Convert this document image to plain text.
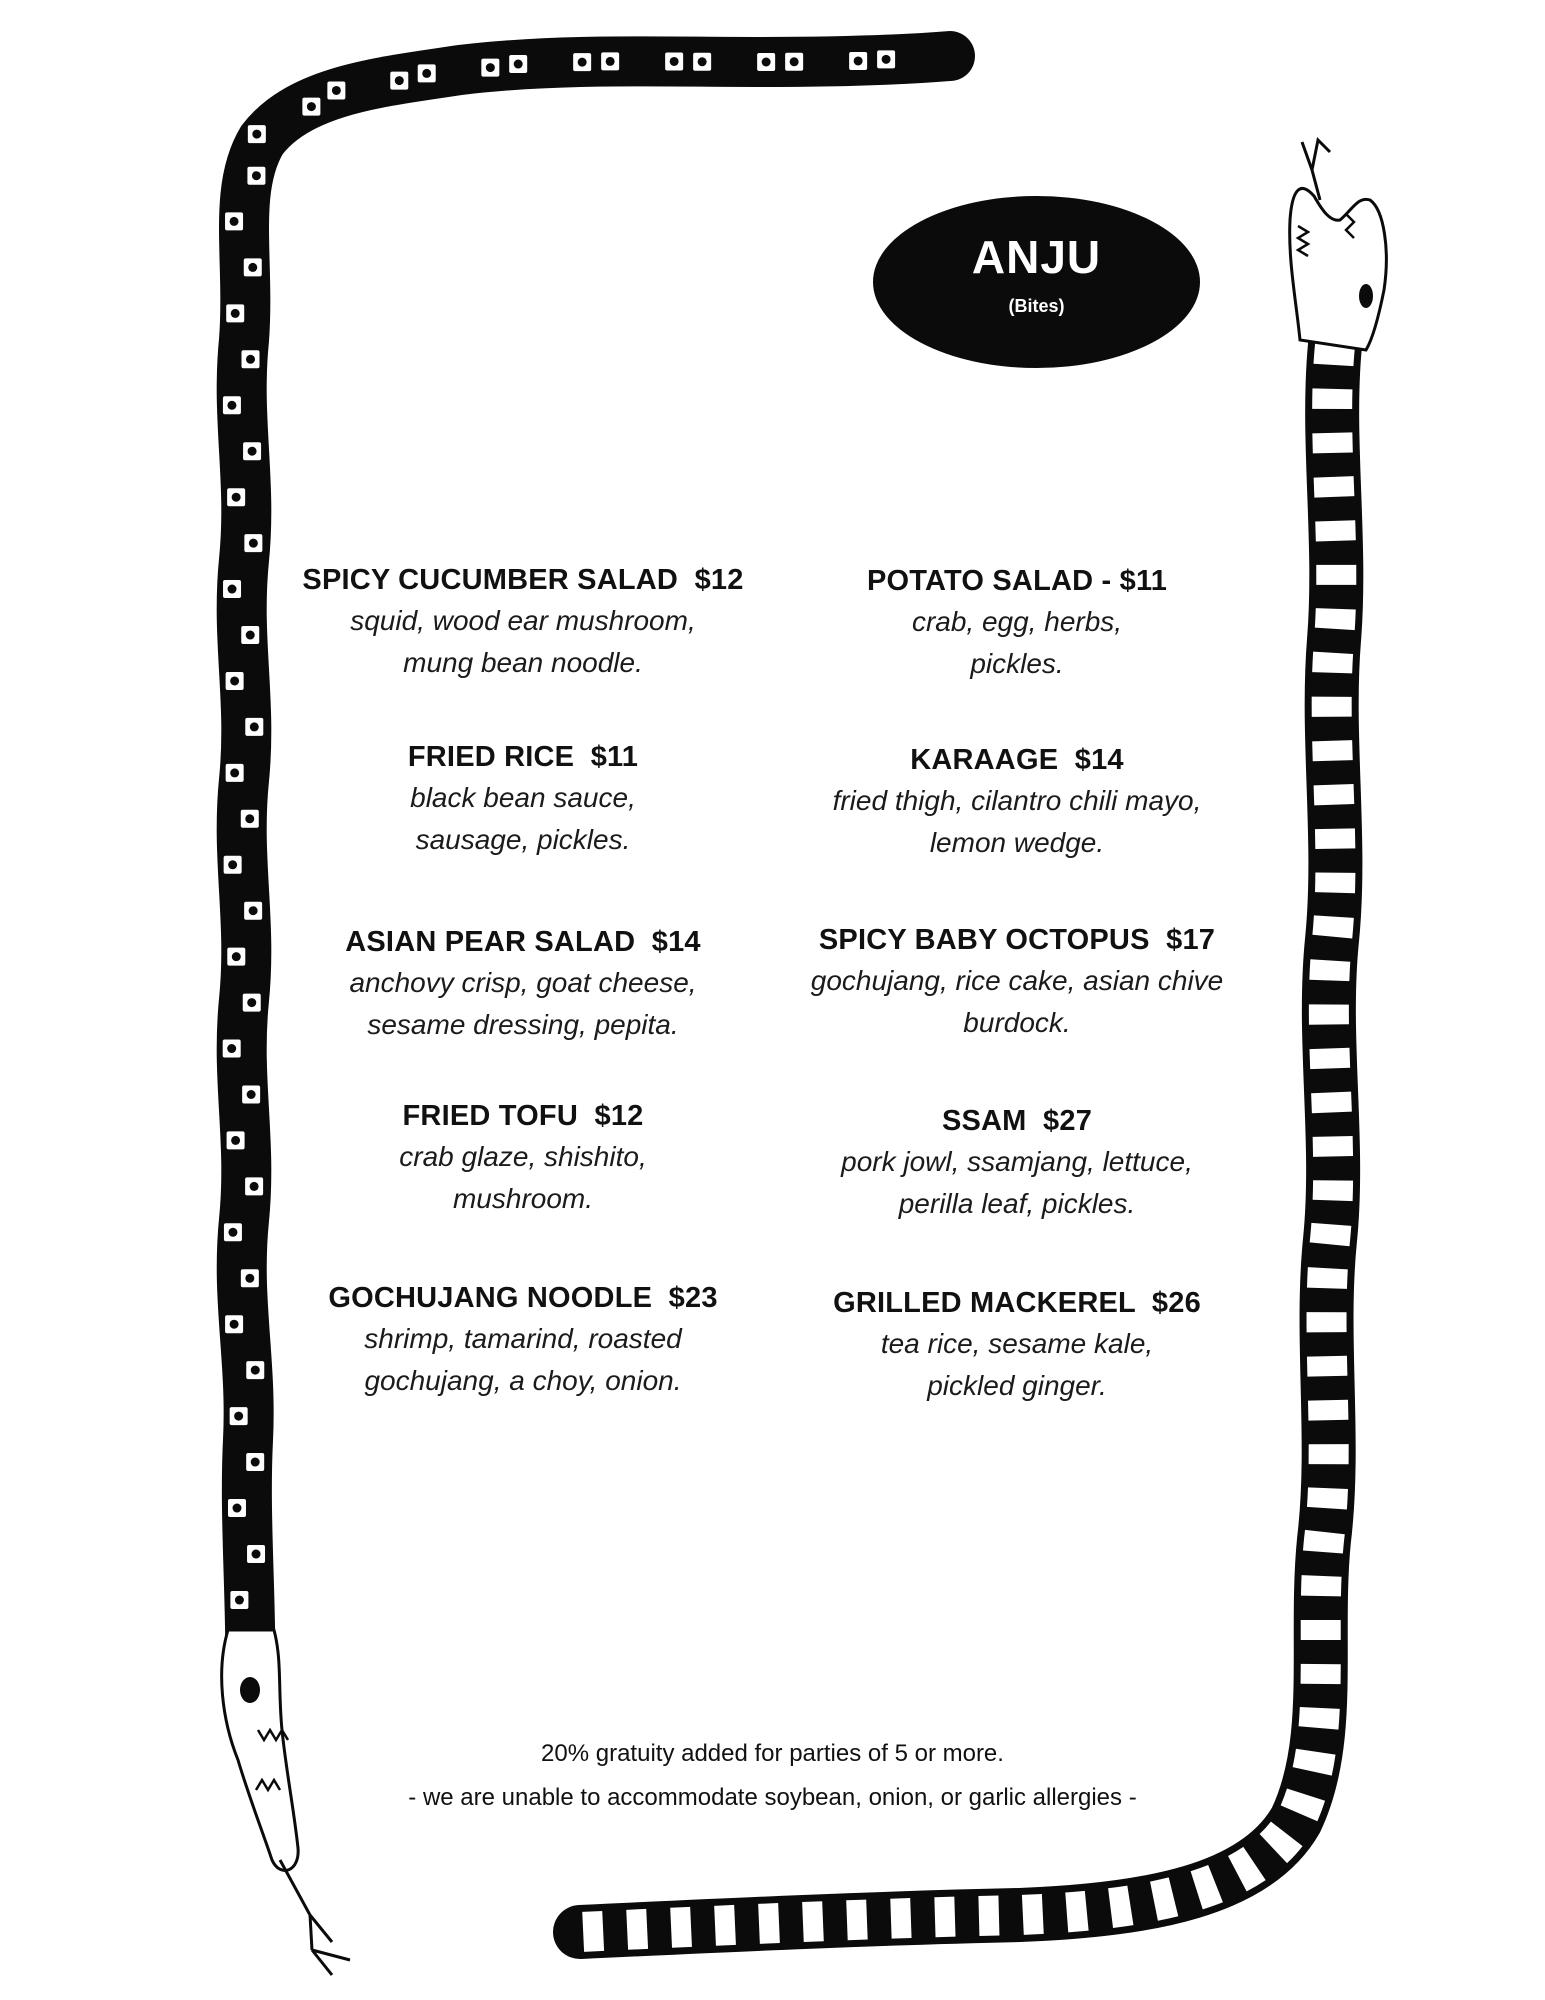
ANJU
(Bites)
SPICY CUCUMBER SALAD  $12
squid, wood ear mushroom,
mung bean noodle.
FRIED RICE  $11
black bean sauce,
sausage, pickles.
ASIAN PEAR SALAD  $14
anchovy crisp, goat cheese,
sesame dressing, pepita.
FRIED TOFU  $12
crab glaze, shishito,
mushroom.
GOCHUJANG NOODLE  $23
shrimp, tamarind, roasted
gochujang, a choy, onion.
POTATO SALAD - $11
crab, egg, herbs,
pickles.
KARAAGE  $14
fried thigh, cilantro chili mayo,
lemon wedge.
SPICY BABY OCTOPUS  $17
gochujang, rice cake, asian chive
burdock.
SSAM  $27
pork jowl, ssamjang, lettuce,
perilla leaf, pickles.
GRILLED MACKEREL  $26
tea rice, sesame kale,
pickled ginger.
20% gratuity added for parties of 5 or more.
- we are unable to accommodate soybean, onion, or garlic allergies -
